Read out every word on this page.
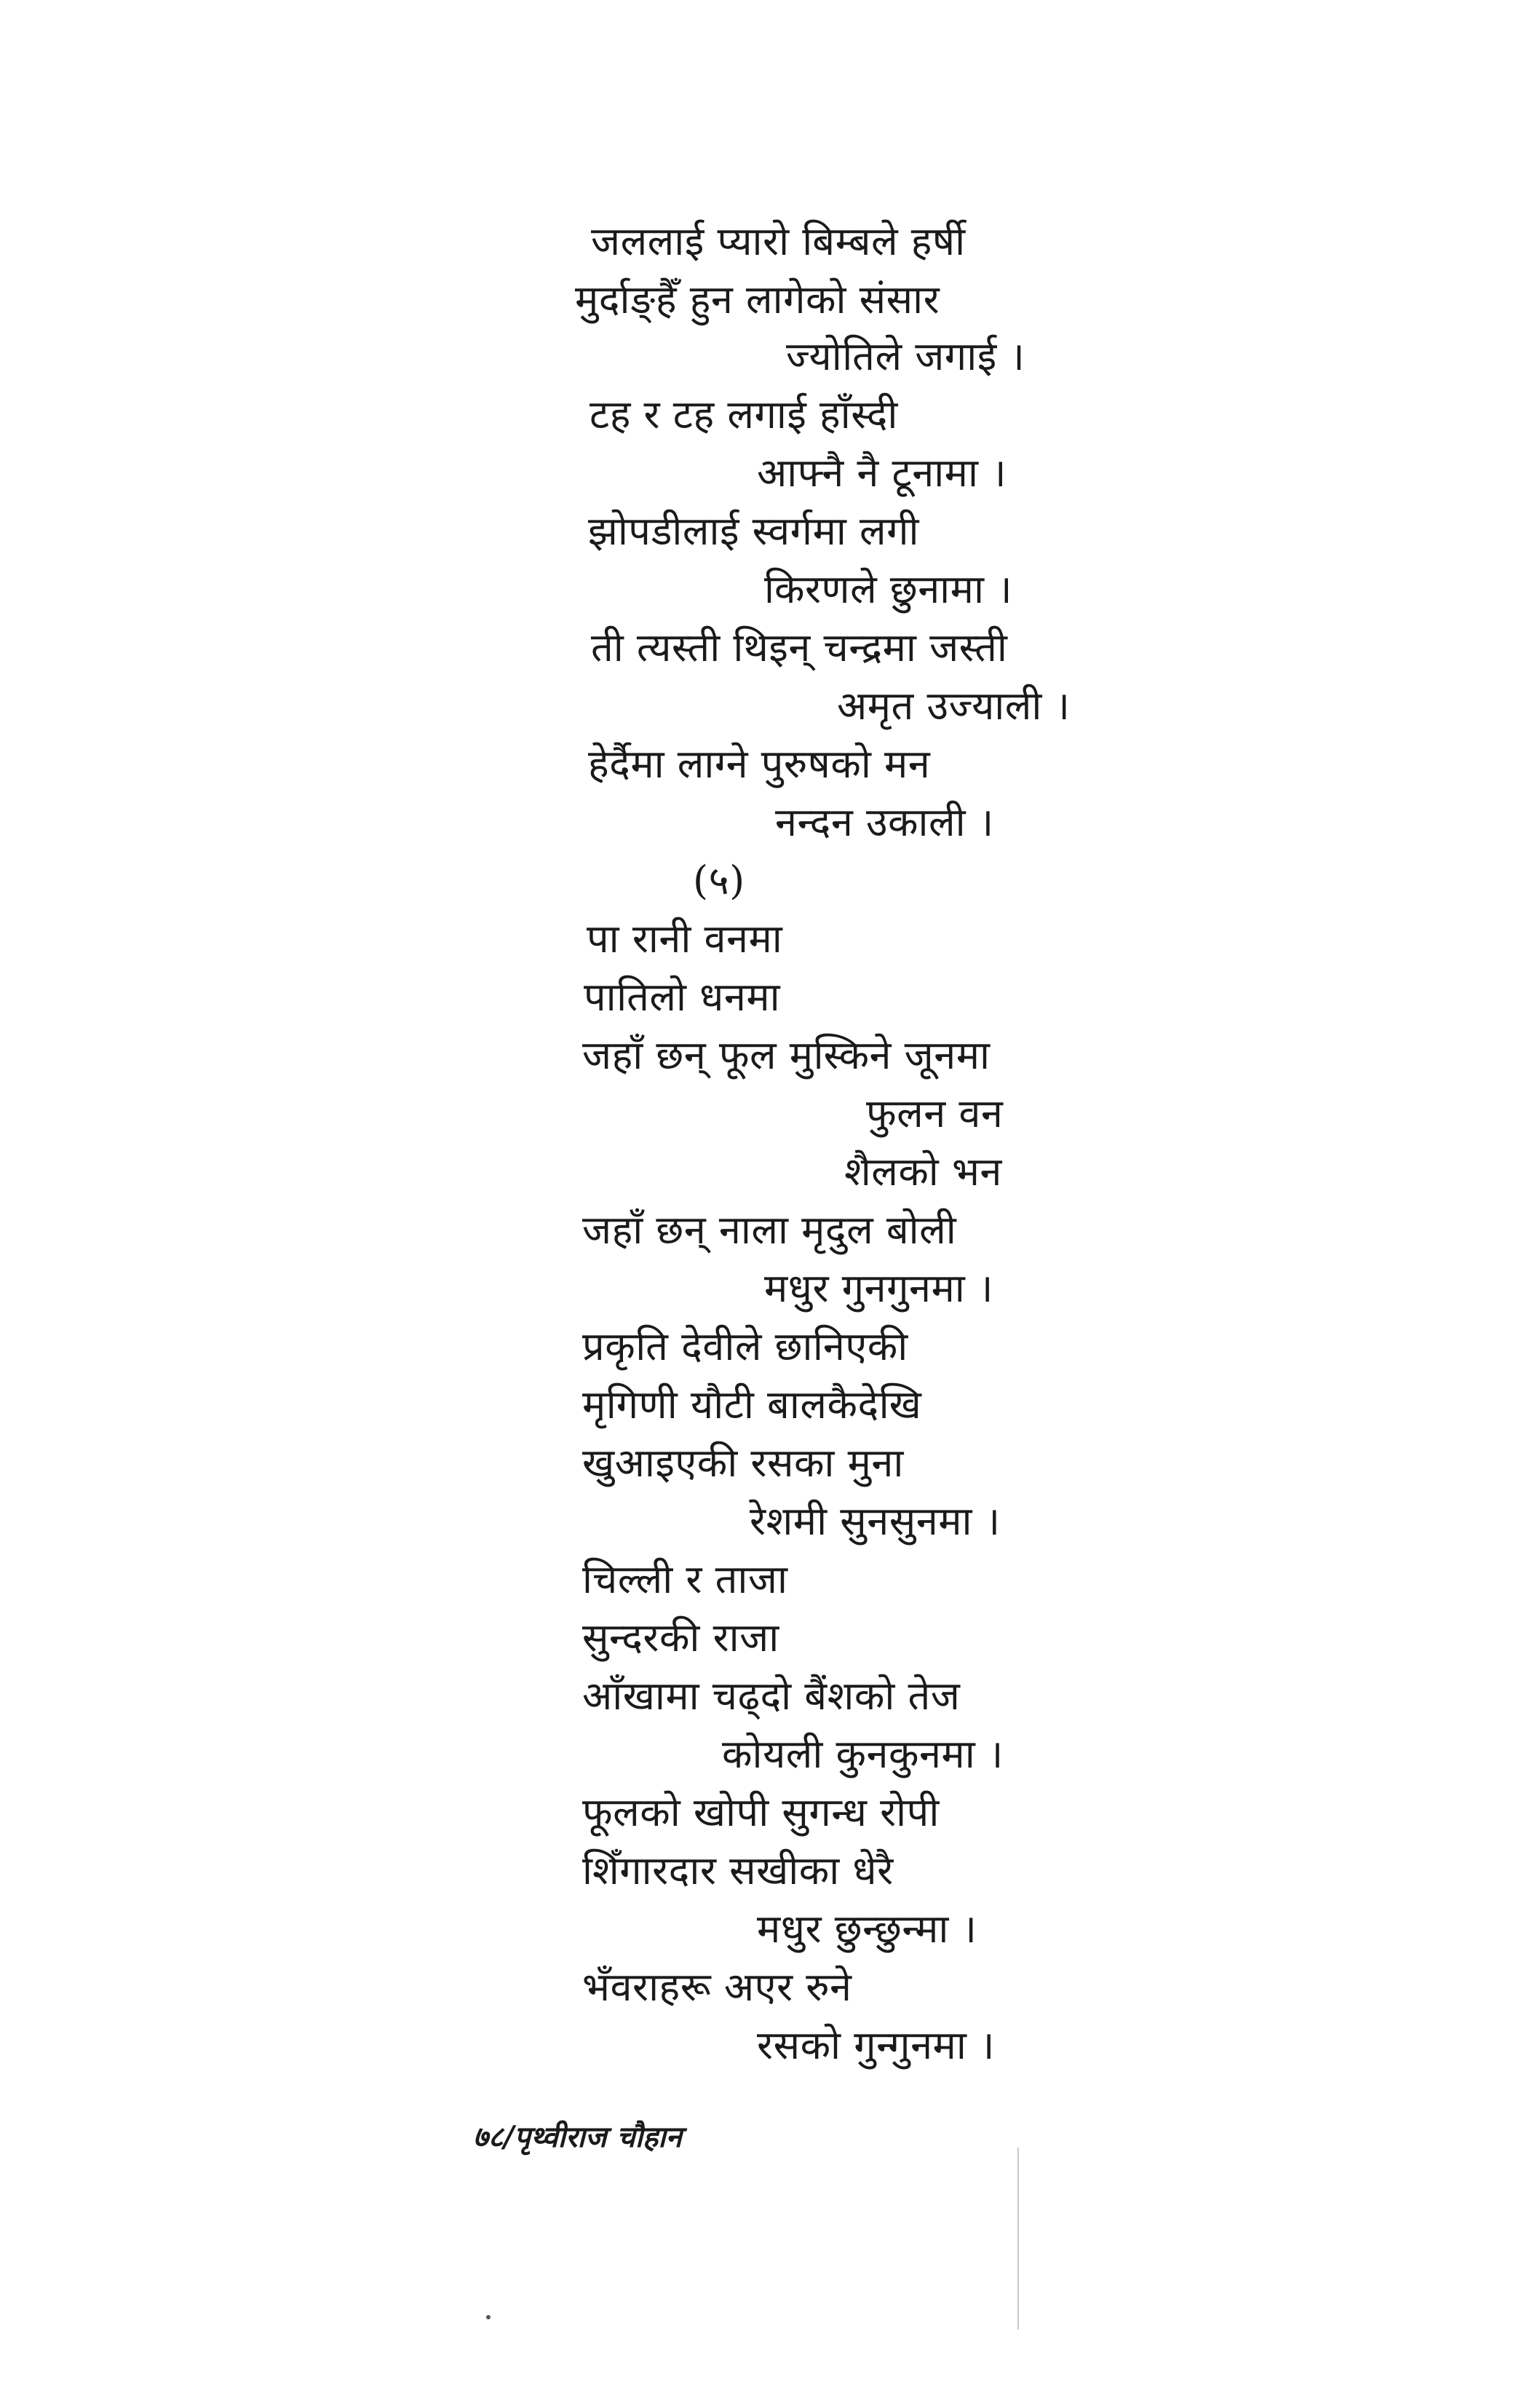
जललाई प्यारो बिम्बले हर्षी
मुर्दाङ्हैँ हुन लागेको संसार
ज्योतिले जगाई ।
टह र टह लगाई हाँस्दी
आफ्नै नै टूनामा ।
झोपडीलाई स्वर्गमा लगी
किरणले छुनामा ।
ती त्यस्ती थिइन् चन्द्रमा जस्ती
अमृत उज्याली ।
हेर्दैमा लाग्ने पुरुषको मन
नन्दन उकाली ।
(५)
पा रानी वनमा
पातिलो धनमा
जहाँ छन् फूल मुस्किने जूनमा
फुलन वन
शैलको भन
जहाँ छन् नाला मृदुल बोली
मधुर गुनगुनमा ।
प्रकृति देवीले छानिएकी
मृगिणी यौटी बालकैदेखि
खुआइएकी रसका मुना
रेशमी सुनसुनमा ।
चिल्ली र ताजा
सुन्दरकी राजा
आँखामा चढ्दो बैंशको तेज
कोयली कुनकुनमा ।
फूलको खोपी सुगन्ध रोपी
शिँगारदार सखीका धेरै
मधुर छुन्छुन्मा ।
भँवराहरू अएर रुने
रसको गुन्गुनमा ।
७८/पृथ्वीराज चौहान
